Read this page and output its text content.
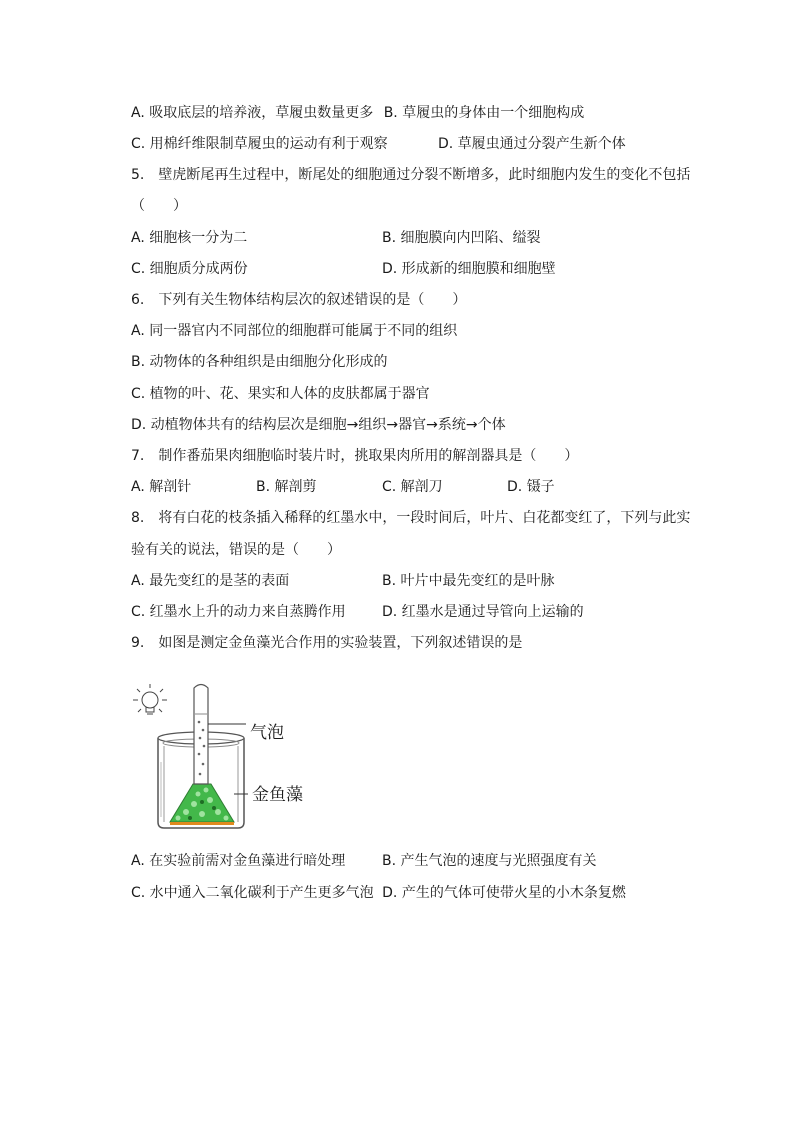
A. 吸取底层的培养液，草履虫数量更多 B. 草履虫的身体由一个细胞构成
C. 用棉纤维限制草履虫的运动有利于观察	D. 草履虫通过分裂产生新个体
5.　壁虎断尾再生过程中，断尾处的细胞通过分裂不断增多，此时细胞内发生的变化不包括
（　　）
A. 细胞核一分为二	B. 细胞膜向内凹陷、缢裂
C. 细胞质分成两份	D. 形成新的细胞膜和细胞壁
6.　下列有关生物体结构层次的叙述错误的是（　　）
A. 同一器官内不同部位的细胞群可能属于不同的组织
B. 动物体的各种组织是由细胞分化形成的
C. 植物的叶、花、果实和人体的皮肤都属于器官
D. 动植物体共有的结构层次是细胞→组织→器官→系统→个体
7.　制作番茄果肉细胞临时装片时，挑取果肉所用的解剖器具是（　　）
A. 解剖针	B. 解剖剪	C. 解剖刀	D. 镊子
8.　将有白花的枝条插入稀释的红墨水中，一段时间后，叶片、白花都变红了，下列与此实
验有关的说法，错误的是（　　）
A. 最先变红的是茎的表面	B. 叶片中最先变红的是叶脉
C. 红墨水上升的动力来自蒸腾作用	D. 红墨水是通过导管向上运输的
9.　如图是测定金鱼藻光合作用的实验装置，下列叙述错误的是
气泡
金鱼藻
A. 在实验前需对金鱼藻进行暗处理	B. 产生气泡的速度与光照强度有关
C. 水中通入二氧化碳利于产生更多气泡 D. 产生的气体可使带火星的小木条复燃
